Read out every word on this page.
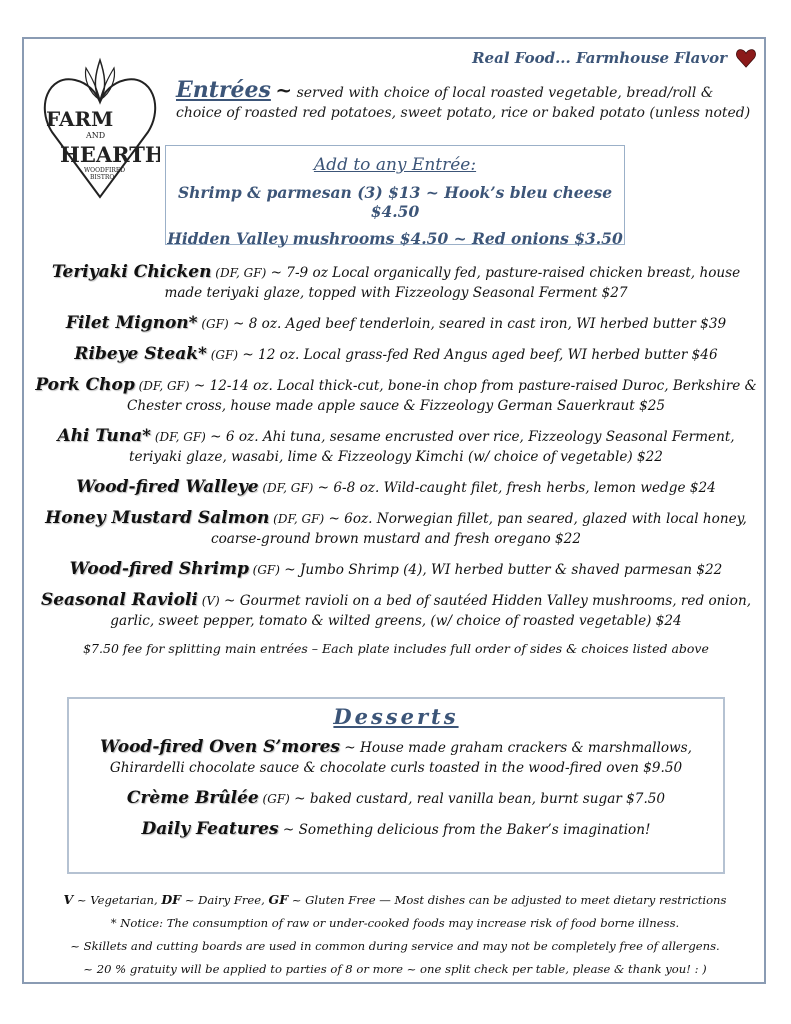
Real Food... Farmhouse Flavor
FARM
AND
HEARTH
WOODFIRED
BISTRO
Entrées ~ served with choice of local roasted vegetable, bread/roll & choice of roasted red potatoes, sweet potato, rice or baked potato (unless noted)
Add to any Entrée:
Shrimp & parmesan (3) $13 ~ Hook’s bleu cheese $4.50
Hidden Valley mushrooms $4.50 ~ Red onions $3.50
Teriyaki Chicken (DF, GF) ~ 7-9 oz Local organically fed, pasture-raised chicken breast, house made teriyaki glaze, topped with Fizzeology Seasonal Ferment $27
Filet Mignon* (GF) ~ 8 oz. Aged beef tenderloin, seared in cast iron, WI herbed butter $39
Ribeye Steak* (GF) ~ 12 oz. Local grass-fed Red Angus aged beef, WI herbed butter $46
Pork Chop (DF, GF) ~ 12-14 oz. Local thick-cut, bone-in chop from pasture-raised Duroc, Berkshire & Chester cross, house made apple sauce & Fizzeology German Sauerkraut $25
Ahi Tuna* (DF, GF) ~ 6 oz. Ahi tuna, sesame encrusted over rice, Fizzeology Seasonal Ferment, teriyaki glaze, wasabi, lime & Fizzeology Kimchi (w/ choice of vegetable) $22
Wood-fired Walleye (DF, GF) ~ 6-8 oz. Wild-caught filet, fresh herbs, lemon wedge $24
Honey Mustard Salmon (DF, GF) ~ 6oz. Norwegian fillet, pan seared, glazed with local honey, coarse-ground brown mustard and fresh oregano $22
Wood-fired Shrimp (GF) ~ Jumbo Shrimp (4), WI herbed butter & shaved parmesan $22
Seasonal Ravioli (V) ~ Gourmet ravioli on a bed of sautéed Hidden Valley mushrooms, red onion, garlic, sweet pepper, tomato & wilted greens, (w/ choice of roasted vegetable) $24
$7.50 fee for splitting main entrées – Each plate includes full order of sides & choices listed above
Desserts
Wood-fired Oven S’mores ~ House made graham crackers & marshmallows, Ghirardelli chocolate sauce & chocolate curls toasted in the wood-fired oven $9.50
Crème Brûlée (GF) ~ baked custard, real vanilla bean, burnt sugar $7.50
Daily Features ~ Something delicious from the Baker’s imagination!
V ~ Vegetarian, DF ~ Dairy Free, GF ~ Gluten Free — Most dishes can be adjusted to meet dietary restrictions
* Notice: The consumption of raw or under-cooked foods may increase risk of food borne illness.
~ Skillets and cutting boards are used in common during service and may not be completely free of allergens.
~ 20 % gratuity will be applied to parties of 8 or more ~ one split check per table, please & thank you! : )
